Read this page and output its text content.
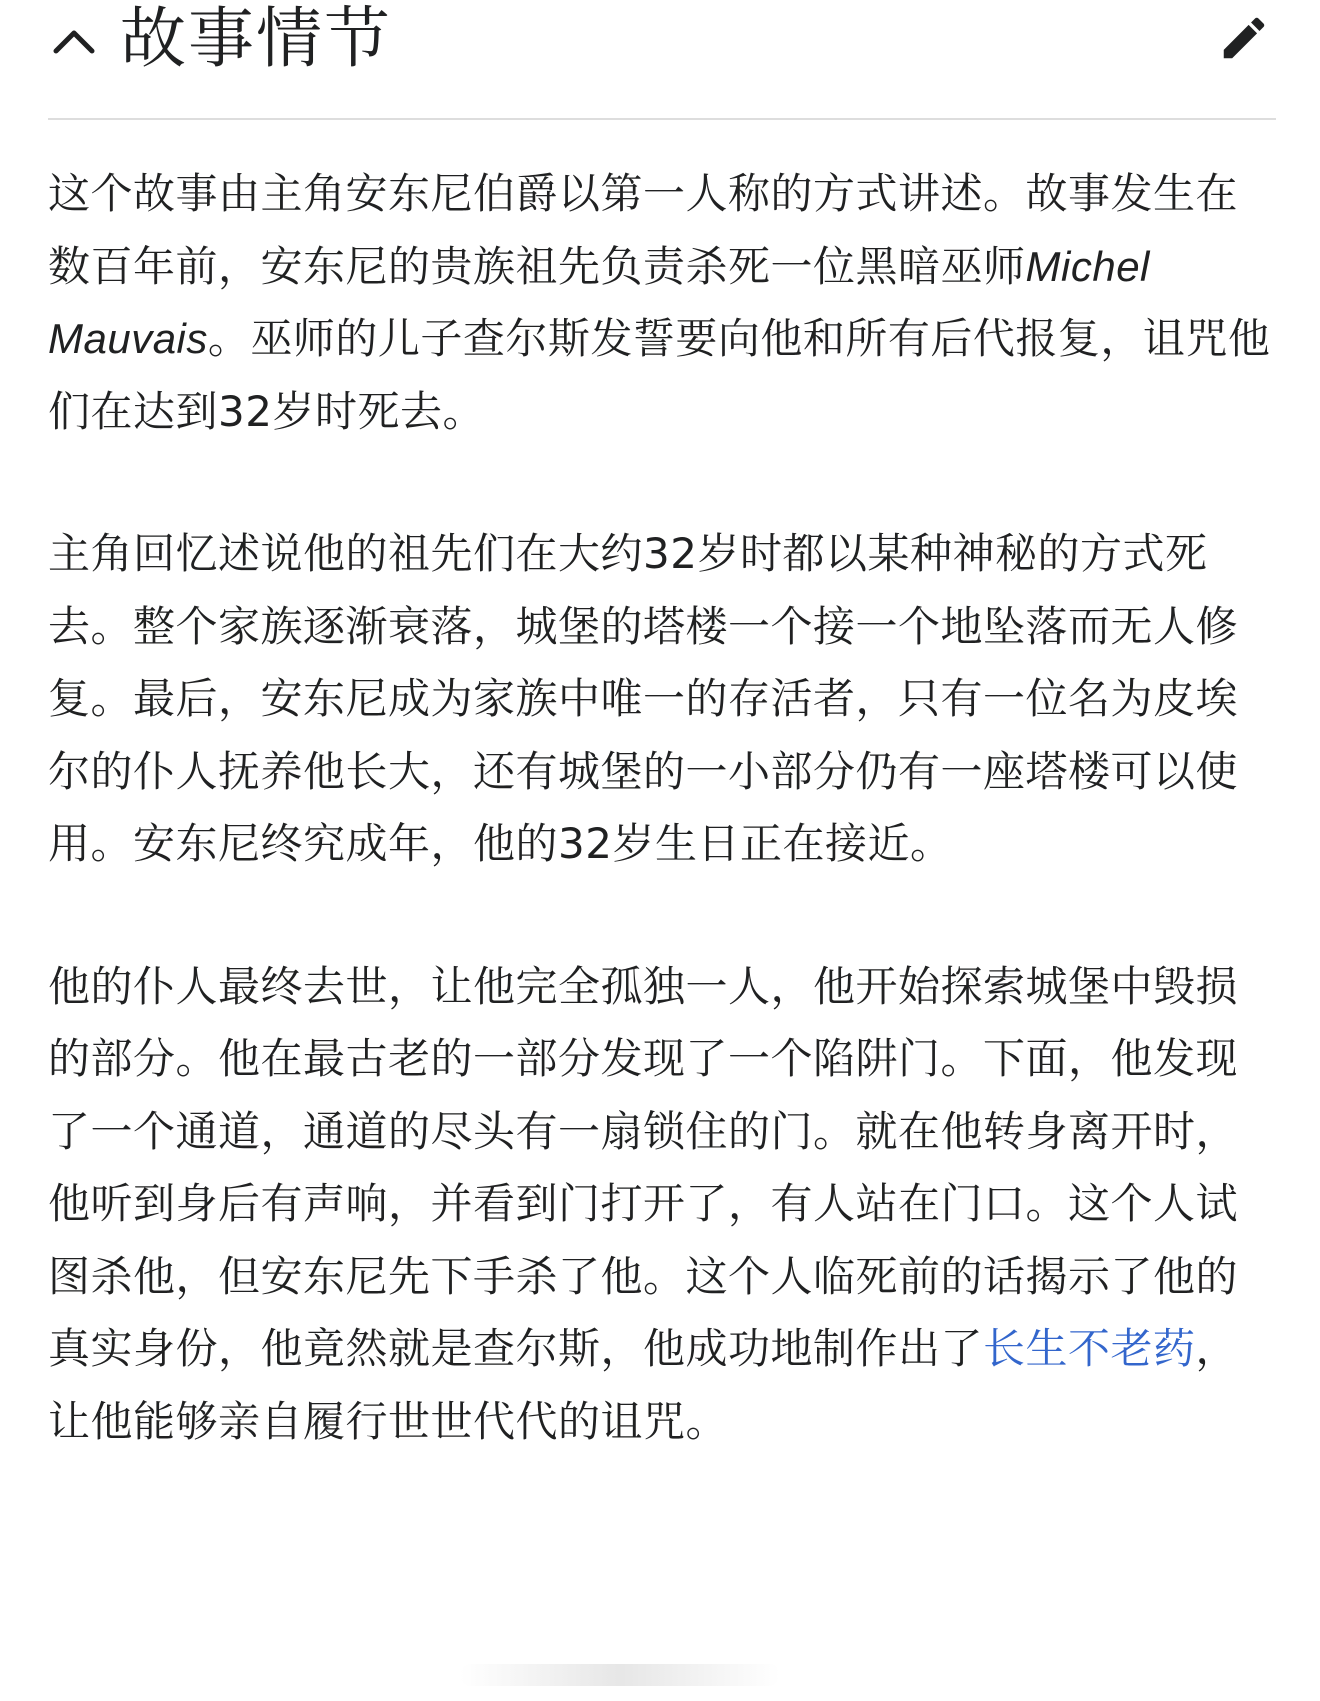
故事情节

这个故事由主角安东尼伯爵以第一人称的方式讲述。故事发生在数百年前，安东尼的贵族祖先负责杀死一位黑暗巫师Michel Mauvais。巫师的儿子查尔斯发誓要向他和所有后代报复，诅咒他们在达到32岁时死去。

主角回忆述说他的祖先们在大约32岁时都以某种神秘的方式死去。整个家族逐渐衰落，城堡的塔楼一个接一个地坠落而无人修复。最后，安东尼成为家族中唯一的存活者，只有一位名为皮埃尔的仆人抚养他长大，还有城堡的一小部分仍有一座塔楼可以使用。安东尼终究成年，他的32岁生日正在接近。

他的仆人最终去世，让他完全孤独一人，他开始探索城堡中毁损的部分。他在最古老的一部分发现了一个陷阱门。下面，他发现了一个通道，通道的尽头有一扇锁住的门。就在他转身离开时，他听到身后有声响，并看到门打开了，有人站在门口。这个人试图杀他，但安东尼先下手杀了他。这个人临死前的话揭示了他的真实身份，他竟然就是查尔斯，他成功地制作出了长生不老药，让他能够亲自履行世世代代的诅咒。
